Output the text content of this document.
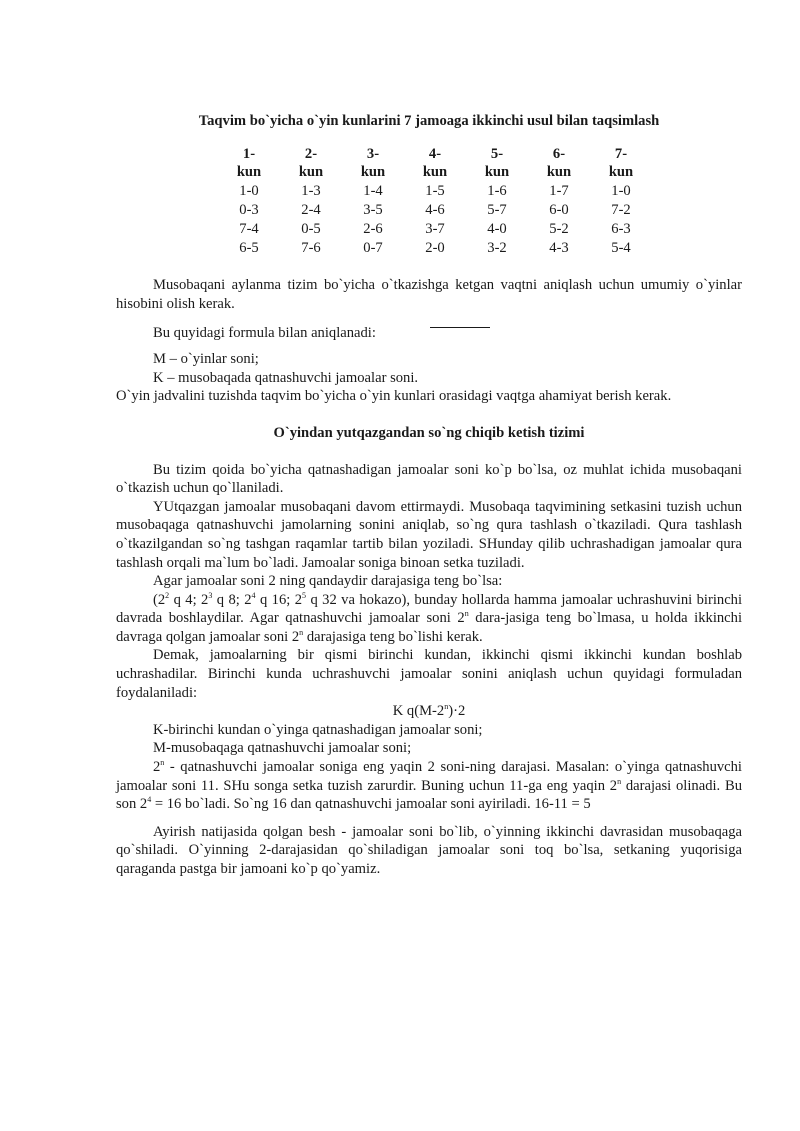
Taqvim bo`yicha o`yin kunlarini 7 jamoaga ikkinchi usul bilan taqsimlash

1-	2-	3-	4-	5-	6-	7-
kun	kun	kun	kun	kun	kun	kun
1-0	1-3	1-4	1-5	1-6	1-7	1-0
0-3	2-4	3-5	4-6	5-7	6-0	7-2
7-4	0-5	2-6	3-7	4-0	5-2	6-3
6-5	7-6	0-7	2-0	3-2	4-3	5-4

Musobaqani aylanma tizim bo`yicha o`tkazishga ketgan vaqtni aniqlash uchun umumiy o`yinlar hisobini olish kerak.

Bu quyidagi formula bilan aniqlanadi:

M – o`yinlar soni;

K – musobaqada qatnashuvchi jamoalar soni.

O`yin jadvalini tuzishda taqvim bo`yicha o`yin kunlari orasidagi vaqtga ahamiyat berish kerak.

O`yindan yutqazgandan so`ng chiqib ketish tizimi

Bu tizim qoida bo`yicha qatnashadigan jamoalar soni ko`p bo`lsa, oz muhlat ichida musobaqani o`tkazish uchun qo`llaniladi.

YUtqazgan jamoalar musobaqani davom ettirmaydi. Musobaqa taqvimining setkasini tuzish uchun musobaqaga qatnashuvchi jamolarning sonini aniqlab, so`ng qura tashlash o`tkaziladi. Qura tashlash o`tkazilgandan so`ng tashgan raqamlar tartib bilan yoziladi. SHunday qilib uchrashadigan jamoalar qura tashlash orqali ma`lum bo`ladi. Jamoalar soniga binoan setka tuziladi.

Agar jamoalar soni 2 ning qandaydir darajasiga teng bo`lsa:

($2^2$ q 4; $2^3$ q 8; $2^4$ q 16; $2^5$ q 32 va hokazo), bunday hollarda hamma jamoalar uchrashuvini birinchi davrada boshlaydilar. Agar qatnashuvchi jamoalar soni 2$^n$ dara-jasiga teng bo`lmasa, u holda ikkinchi davraga qolgan jamoalar soni 2$^n$ darajasiga teng bo`lishi kerak.

Demak, jamoalarning bir qismi birinchi kundan, ikkinchi qismi ikkinchi kundan boshlab uchrashadilar. Birinchi kunda uchrashuvchi jamoalar sonini aniqlash uchun quyidagi formuladan foydalaniladi:

K $q(M-2^n)\cdot 2$

K-birinchi kundan o`yinga qatnashadigan jamoalar soni;

M-musobaqaga qatnashuvchi jamoalar soni;

2$^n$ - qatnashuvchi jamoalar soniga eng yaqin 2 soni-ning darajasi. Masalan: o`yinga qatnashuvchi jamoalar soni 11. SHu songa setka tuzish zarurdir. Buning uchun 11-ga eng yaqin 2$^n$ darajasi olinadi. Bu son $2^4 = 16$ bo`ladi. So`ng 16 dan qatnashuvchi jamoalar soni ayiriladi. 16-11 = 5

Ayirish natijasida qolgan besh - jamoalar soni bo`lib, o`yinning ikkinchi davrasidan musobaqaga qo`shiladi. O`yinning 2-darajasidan qo`shiladigan jamoalar soni toq bo`lsa, setkaning yuqorisiga qaraganda pastga bir jamoani ko`p qo`yamiz.
